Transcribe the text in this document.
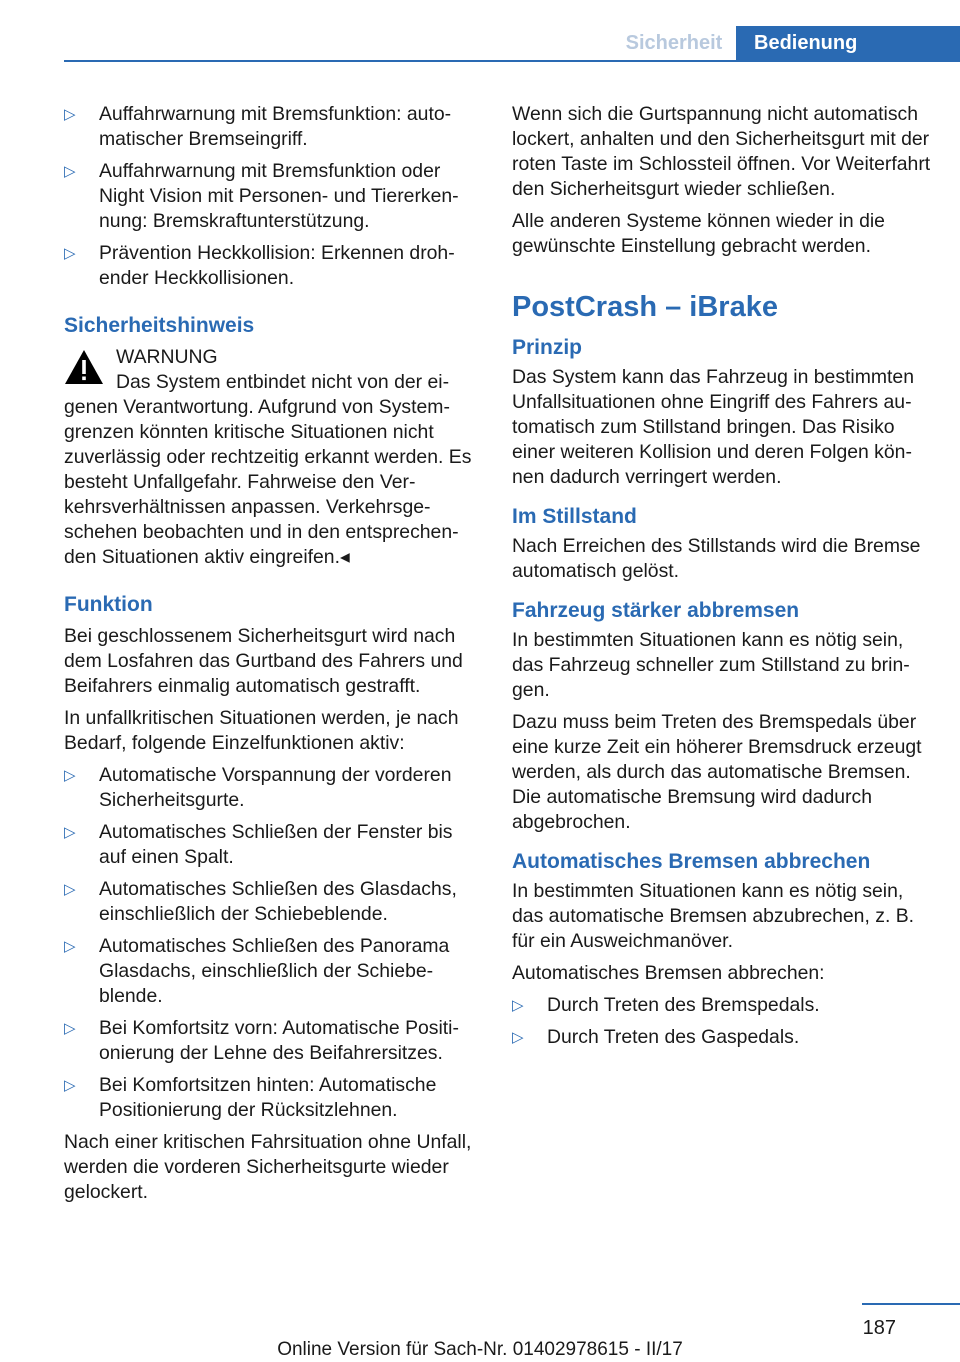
Sicherheit	Bedienung
▷ Auffahrwarnung mit Bremsfunktion: automatischer Bremseingriff.
▷ Auffahrwarnung mit Bremsfunktion oder Night Vision mit Personen- und Tiererkennung: Bremskraftunterstützung.
▷ Prävention Heckkollision: Erkennen drohender Heckkollisionen.
Sicherheitshinweis
WARNUNG
Das System entbindet nicht von der ei-
genen Verantwortung. Aufgrund von Systemgrenzen könnten kritische Situationen nicht zuverlässig oder rechtzeitig erkannt werden. Es besteht Unfallgefahr. Fahrweise den Verkehrsverhältnissen anpassen. Verkehrsgeschehen beobachten und in den entsprechenden Situationen aktiv eingreifen.◂
Funktion

Bei geschlossenem Sicherheitsgurt wird nach dem Losfahren das Gurtband des Fahrers und Beifahrers einmalig automatisch gestrafft.

In unfallkritischen Situationen werden, je nach Bedarf, folgende Einzelfunktionen aktiv:

▷ Automatische Vorspannung der vorderen Sicherheitsgurte.
▷ Automatisches Schließen der Fenster bis auf einen Spalt.
▷ Automatisches Schließen des Glasdachs, einschließlich der Schiebeblende.
▷ Automatisches Schließen des Panorama Glasdachs, einschließlich der Schiebeblende.
▷ Bei Komfortsitz vorn: Automatische Positionierung der Lehne des Beifahrersitzes.
▷ Bei Komfortsitzen hinten: Automatische Positionierung der Rücksitzlehnen.

Nach einer kritischen Fahrsituation ohne Unfall, werden die vorderen Sicherheitsgurte wieder gelockert.

Wenn sich die Gurtspannung nicht automatisch lockert, anhalten und den Sicherheitsgurt mit der roten Taste im Schlossteil öffnen. Vor Weiterfahrt den Sicherheitsgurt wieder schließen.

Alle anderen Systeme können wieder in die gewünschte Einstellung gebracht werden.

PostCrash – iBrake
Prinzip

Das System kann das Fahrzeug in bestimmten Unfallsituationen ohne Eingriff des Fahrers automatisch zum Stillstand bringen. Das Risiko einer weiteren Kollision und deren Folgen können dadurch verringert werden.

Im Stillstand

Nach Erreichen des Stillstands wird die Bremse automatisch gelöst.

Fahrzeug stärker abbremsen

In bestimmten Situationen kann es nötig sein, das Fahrzeug schneller zum Stillstand zu bringen.

Dazu muss beim Treten des Bremspedals über eine kurze Zeit ein höherer Bremsdruck erzeugt werden, als durch das automatische Bremsen. Die automatische Bremsung wird dadurch abgebrochen.

Automatisches Bremsen abbrechen

In bestimmten Situationen kann es nötig sein, das automatische Bremsen abzubrechen, z. B. für ein Ausweichmanöver.

Automatisches Bremsen abbrechen:

▷ Durch Treten des Bremspedals.
▷ Durch Treten des Gaspedals.
187
Online Version für Sach-Nr. 01402978615 - II/17
